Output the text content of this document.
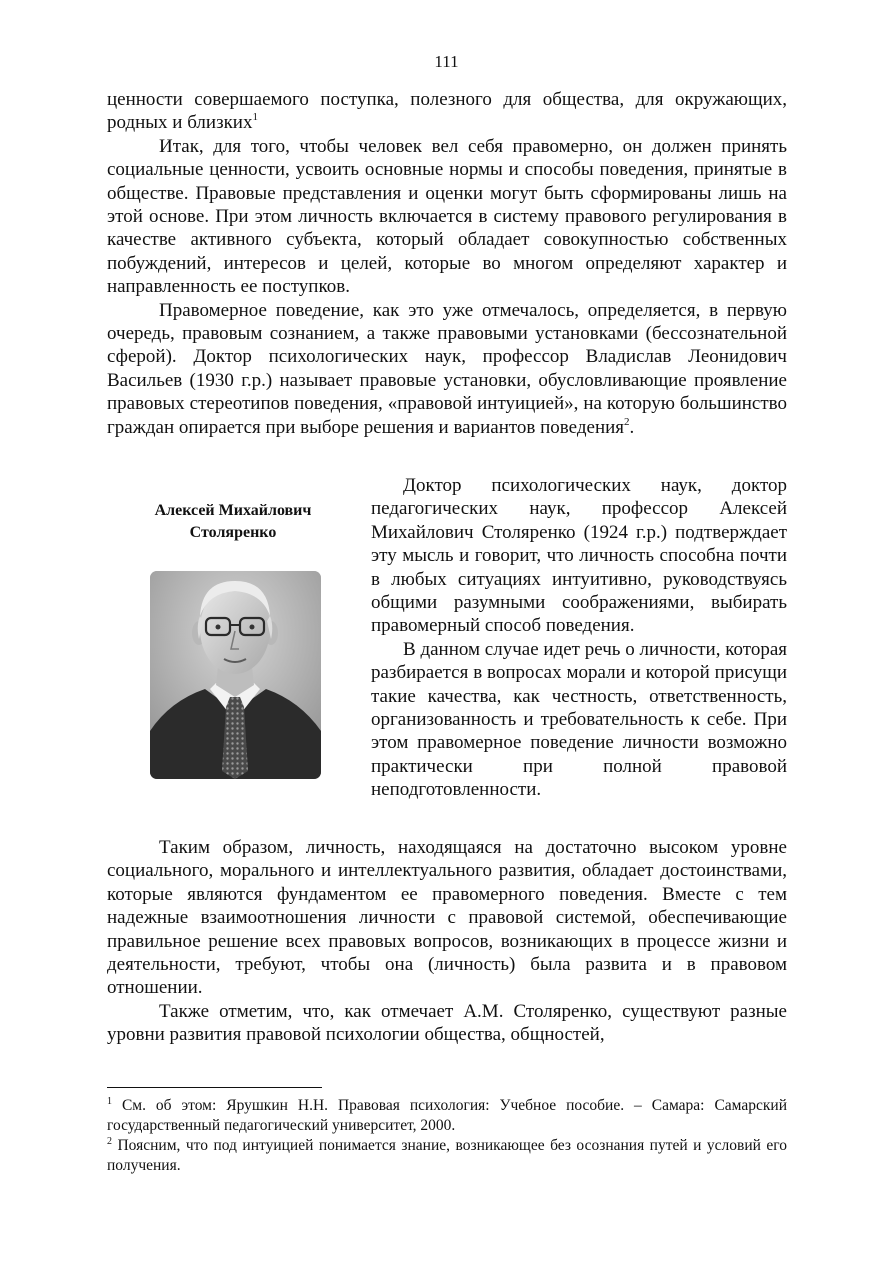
111

ценности совершаемого поступка, полезного для общества, для окружающих, родных и близких$^1$

Итак, для того, чтобы человек вел себя правомерно, он должен принять социальные ценности, усвоить основные нормы и способы поведения, принятые в обществе. Правовые представления и оценки могут быть сформированы лишь на этой основе. При этом личность включается в систему правового регулирования в качестве активного субъекта, который обладает совокупностью собственных побуждений, интересов и целей, которые во многом определяют характер и направленность ее поступков.

Правомерное поведение, как это уже отмечалось, определяется, в первую очередь, правовым сознанием, а также правовыми установками (бессознательной сферой). Доктор психологических наук, профессор Владислав Леонидович Васильев (1930 г.р.) называет правовые установки, обусловливающие проявление правовых стереотипов поведения, «правовой интуицией», на которую большинство граждан опирается при выборе решения и вариантов поведения$^2$.

Алексей Михайлович
Столяренко

Доктор психологических наук, доктор педагогических наук, профессор Алексей Михайлович Столяренко (1924 г.р.) подтверждает эту мысль и говорит, что личность способна почти в любых ситуациях интуитивно, руководствуясь общими разумными соображениями, выбирать правомерный способ поведения.

В данном случае идет речь о личности, которая разбирается в вопросах морали и которой присущи такие качества, как честность, ответственность, организованность и требовательность к себе. При этом правомерное поведение личности возможно практически при полной правовой неподготовленности.

Таким образом, личность, находящаяся на достаточно высоком уровне социального, морального и интеллектуального развития, обладает достоинствами, которые являются фундаментом ее правомерного поведения. Вместе с тем надежные взаимоотношения личности с правовой системой, обеспечивающие правильное решение всех правовых вопросов, возникающих в процессе жизни и деятельности, требуют, чтобы она (личность) была развита и в правовом отношении.

Также отметим, что, как отмечает А.М. Столяренко, существуют разные уровни развития правовой психологии общества, общностей,

$^1$ См. об этом: Ярушкин Н.Н. Правовая психология: Учебное пособие. – Самара: Самарский государственный педагогический университет, 2000.

$^2$ Поясним, что под интуицией понимается знание, возникающее без осознания путей и условий его получения.
